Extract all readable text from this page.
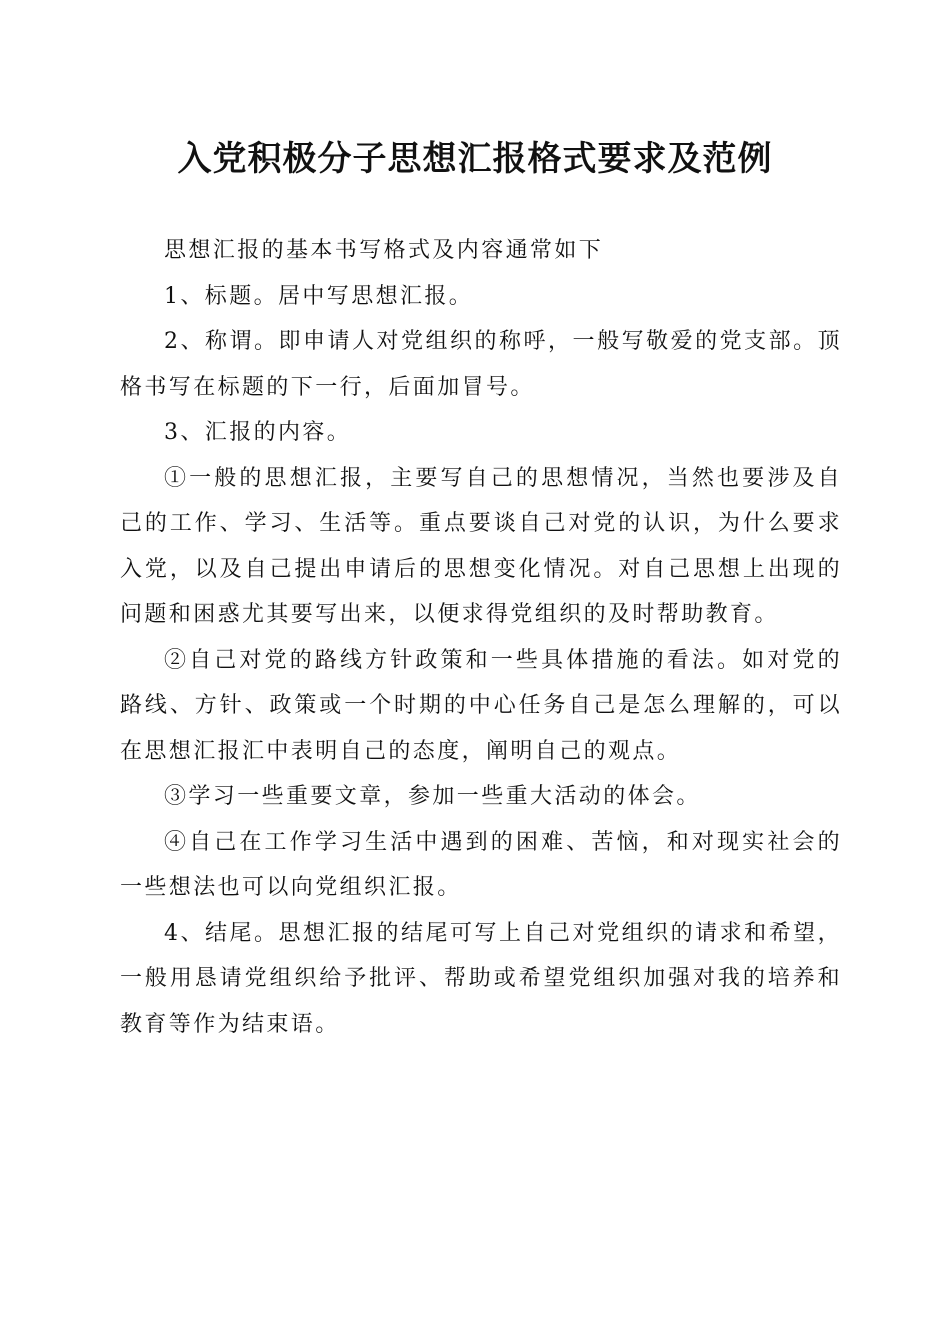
入党积极分子思想汇报格式要求及范例

思想汇报的基本书写格式及内容通常如下

1、标题。居中写思想汇报。

2、称谓。即申请人对党组织的称呼，一般写敬爱的党支部。顶格书写在标题的下一行，后面加冒号。

3、汇报的内容。

①一般的思想汇报，主要写自己的思想情况，当然也要涉及自己的工作、学习、生活等。重点要谈自己对党的认识，为什么要求入党，以及自己提出申请后的思想变化情况。对自己思想上出现的问题和困惑尤其要写出来，以便求得党组织的及时帮助教育。

②自己对党的路线方针政策和一些具体措施的看法。如对党的路线、方针、政策或一个时期的中心任务自己是怎么理解的，可以在思想汇报汇中表明自己的态度，阐明自己的观点。

③学习一些重要文章，参加一些重大活动的体会。

④自己在工作学习生活中遇到的困难、苦恼，和对现实社会的一些想法也可以向党组织汇报。

4、结尾。思想汇报的结尾可写上自己对党组织的请求和希望，一般用恳请党组织给予批评、帮助或希望党组织加强对我的培养和教育等作为结束语。
